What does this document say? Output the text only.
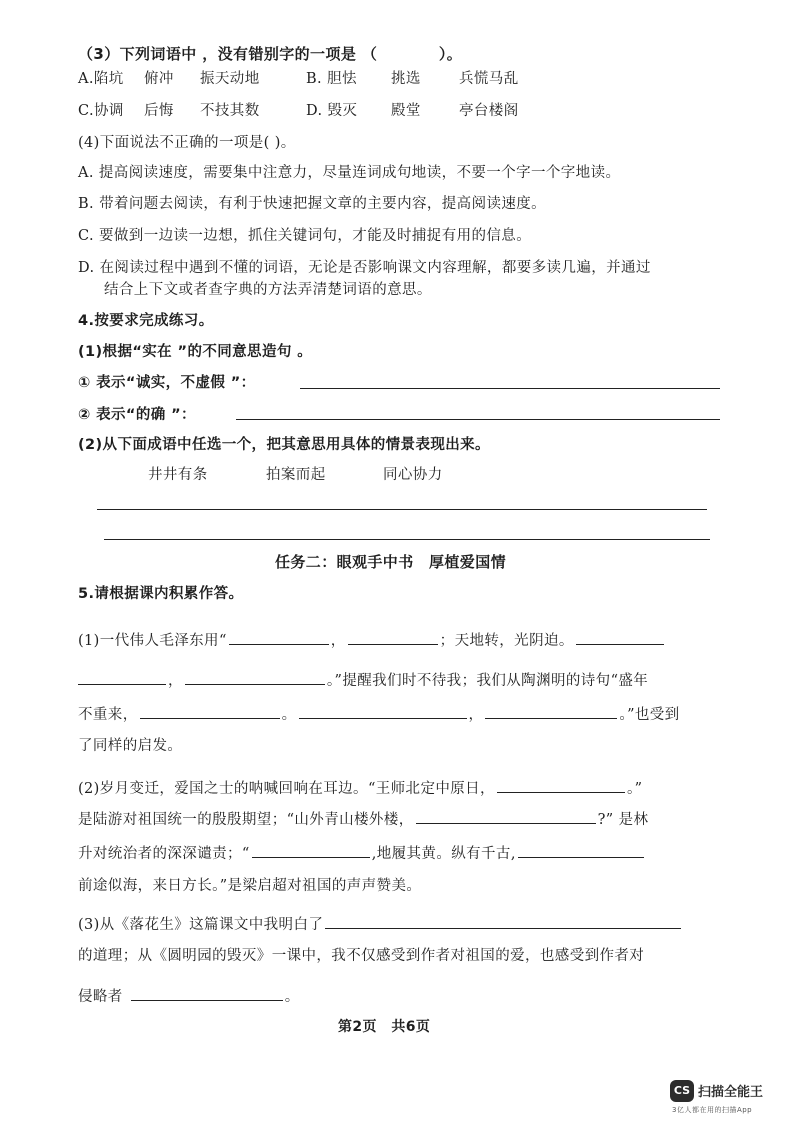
（3）下列词语中 ，没有错别字的一项是 （　　　　）。
A.陷坑 俯冲 振天动地	B. 胆怯 挑选	兵慌马乱
C.协调 后悔 不技其数	D. 毁灭 殿堂	亭台楼阁
(4)下面说法不正确的一项是( )。
A. 提高阅读速度，需要集中注意力，尽量连词成句地读，不要一个字一个字地读。
B. 带着问题去阅读，有利于快速把握文章的主要内容，提高阅读速度。
C. 要做到一边读一边想，抓住关键词句，才能及时捕捉有用的信息。
D. 在阅读过程中遇到不懂的词语，无论是否影响课文内容理解，都要多读几遍，并通过
结合上下文或者查字典的方法弄清楚词语的意思。
4.按要求完成练习。
(1)根据“实在 ”的不同意思造句 。
① 表示“诚实，不虚假 ”：
② 表示“的确 ”：
(2)从下面成语中任选一个，把其意思用具体的情景表现出来。
井井有条	拍案而起	同心协力
任务二：眼观手中书　厚植爱国情
5.请根据课内积累作答。
(1)一代伟人毛泽东用“	，	；天地转，光阴迫。
，	。”提醒我们时不待我；我们从陶渊明的诗句“盛年
不重来，	。	，	。”也受到
了同样的启发。
(2)岁月变迁，爱国之士的呐喊回响在耳边。“王师北定中原日，	。”
是陆游对祖国统一的殷殷期望；“山外青山楼外楼，	?” 是林
升对统治者的深深谴责；“	,地履其黄。纵有千古,
前途似海，来日方长。”是梁启超对祖国的声声赞美。
(3)从《落花生》这篇课文中我明白了
的道理；从《圆明园的毁灭》一课中，我不仅感受到作者对祖国的爱，也感受到作者对
侵略者	。
第2页　共6页
CS 扫描全能王
3亿人都在用的扫描App
